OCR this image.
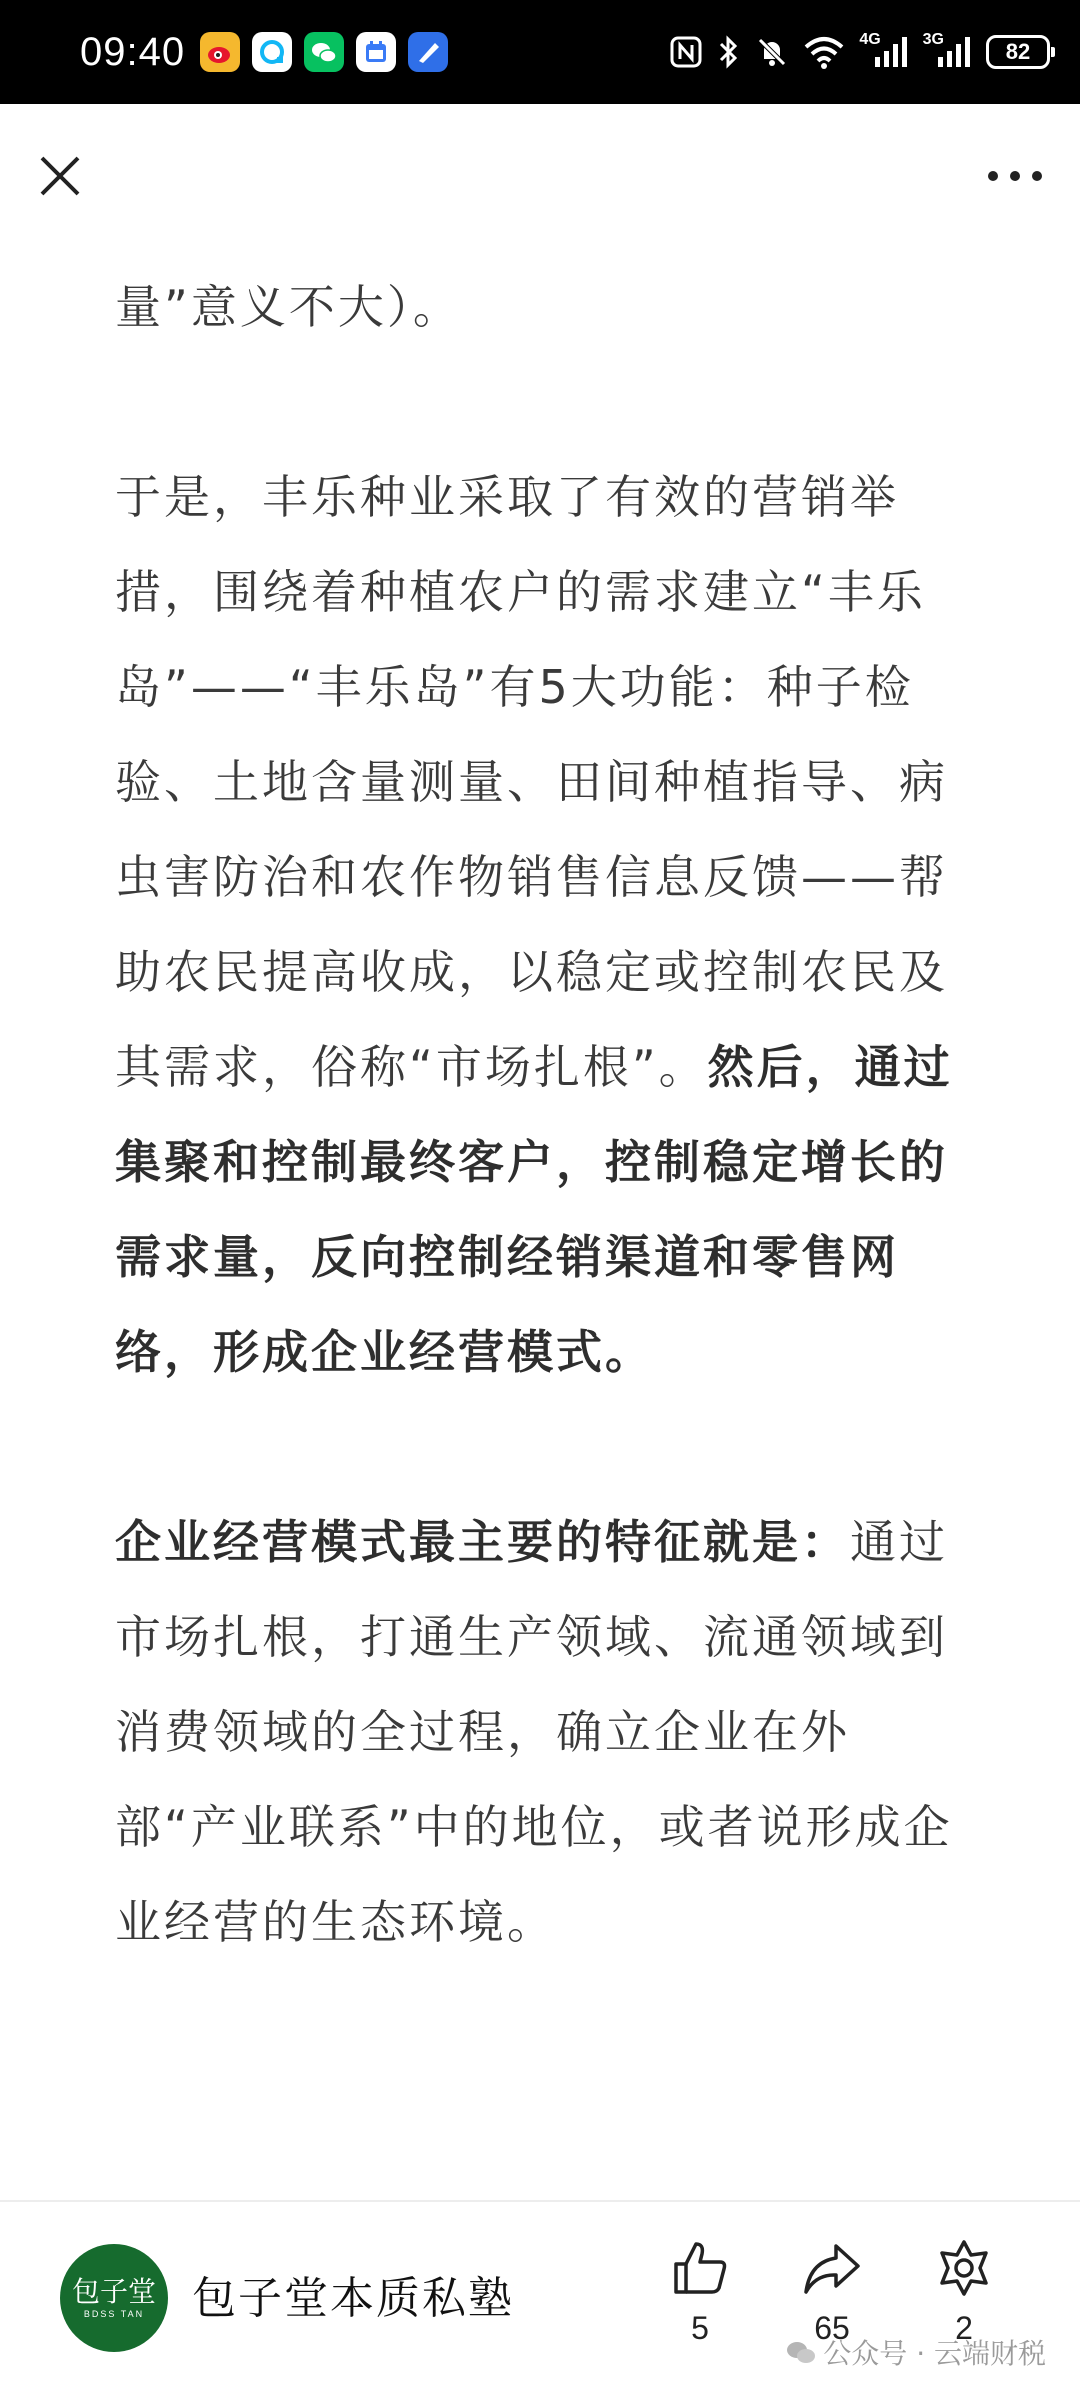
09:40	4G	3G	82

量”意义不大）。

于是，丰乐种业采取了有效的营销举措，围绕着种植农户的需求建立“丰乐岛”——“丰乐岛”有5大功能：种子检验、土地含量测量、田间种植指导、病虫害防治和农作物销售信息反馈——帮助农民提高收成，以稳定或控制农民及其需求，俗称“市场扎根”。然后，通过集聚和控制最终客户，控制稳定增长的需求量，反向控制经销渠道和零售网络，形成企业经营模式。

企业经营模式最主要的特征就是：通过市场扎根，打通生产领域、流通领域到消费领域的全过程，确立企业在外部“产业联系”中的地位，或者说形成企业经营的生态环境。

包子堂
BDSS TAN 包子堂本质私塾
5	65	2
公众号 · 云端财税
